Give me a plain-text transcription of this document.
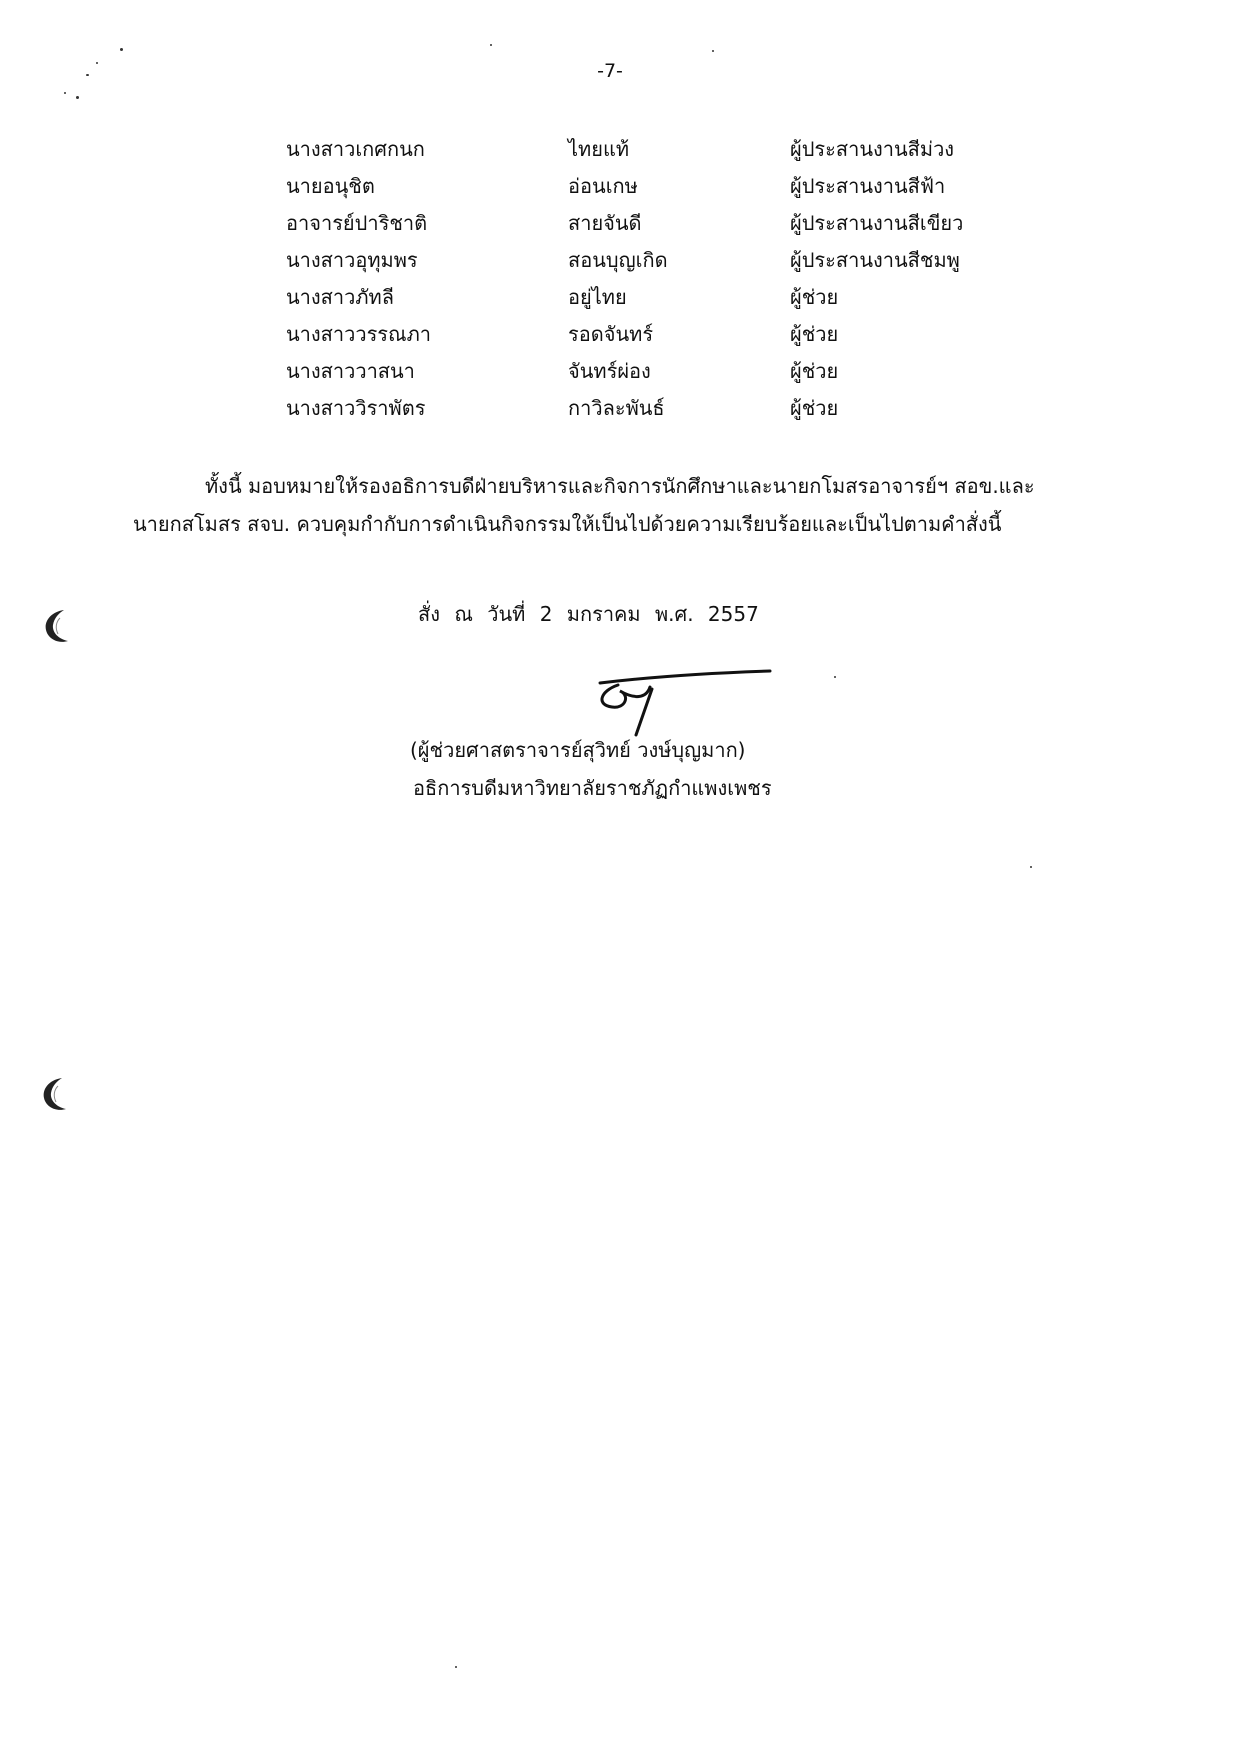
-7-
นางสาวเกศกนก	ไทยแท้	ผู้ประสานงานสีม่วง
นายอนุชิต	อ่อนเกษ	ผู้ประสานงานสีฟ้า
อาจารย์ปาริชาติ	สายจันดี	ผู้ประสานงานสีเขียว
นางสาวอุทุมพร	สอนบุญเกิด	ผู้ประสานงานสีชมพู
นางสาวภัทลี	อยู่ไทย	ผู้ช่วย
นางสาววรรณภา	รอดจันทร์	ผู้ช่วย
นางสาววาสนา	จันทร์ผ่อง	ผู้ช่วย
นางสาววิราพัตร	กาวิละพันธ์	ผู้ช่วย
ทั้งนี้ มอบหมายให้รองอธิการบดีฝ่ายบริหารและกิจการนักศึกษาและนายกโมสรอาจารย์ฯ สอข.และ
นายกสโมสร สจบ. ควบคุมกำกับการดำเนินกิจกรรมให้เป็นไปด้วยความเรียบร้อยและเป็นไปตามคำสั่งนี้
สั่ง ณ วันที่ 2 มกราคม พ.ศ. 2557
(ผู้ช่วยศาสตราจารย์สุวิทย์ วงษ์บุญมาก)
อธิการบดีมหาวิทยาลัยราชภัฏกำแพงเพชร
